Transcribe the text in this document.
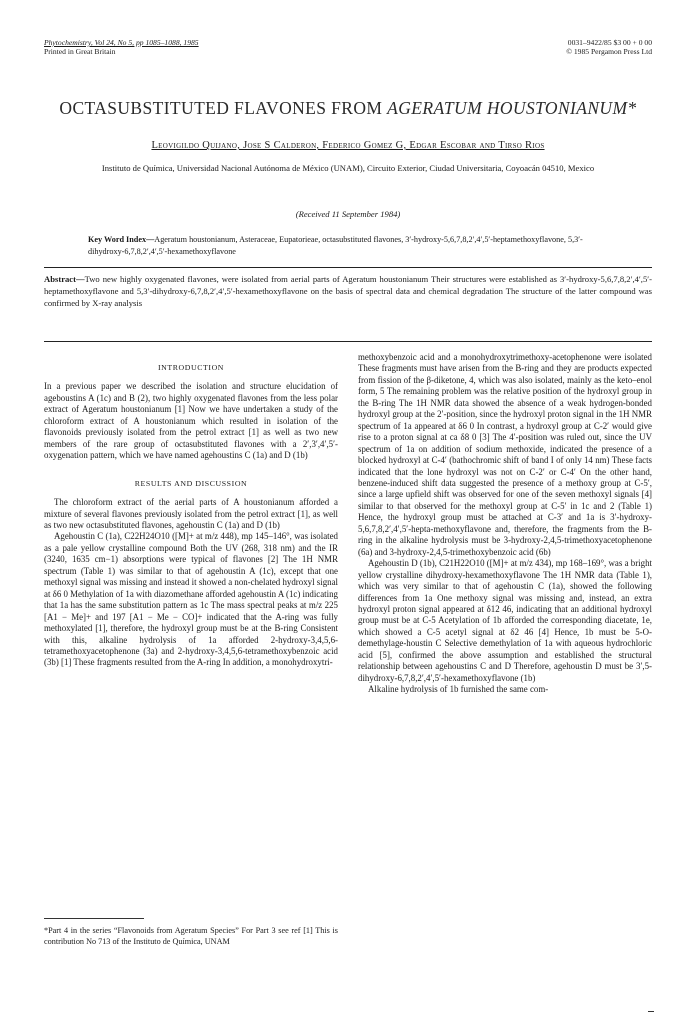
Phytochemistry, Vol 24, No 5, pp 1085–1088, 1985
Printed in Great Britain
0031–9422/85 $3 00 + 0 00
© 1985 Pergamon Press Ltd
OCTASUBSTITUTED FLAVONES FROM AGERATUM HOUSTONIANUM*
Leovigildo Quijano, Jose S Calderon, Federico Gomez G, Edgar Escobar and Tirso Rios
Instituto de Química, Universidad Nacional Autónoma de México (UNAM), Circuito Exterior, Ciudad Universitaria, Coyoacán 04510, Mexico
(Received 11 September 1984)
Key Word Index—Ageratum houstonianum, Asteraceae, Eupatorieae, octasubstituted flavones, 3′-hydroxy-5,6,7,8,2′,4′,5′-heptamethoxyflavone, 5,3′-dihydroxy-6,7,8,2′,4′,5′-hexamethoxyflavone
Abstract—Two new highly oxygenated flavones, were isolated from aerial parts of Ageratum houstonianum Their structures were established as 3′-hydroxy-5,6,7,8,2′,4′,5′-heptamethoxyflavone and 5,3′-dihydroxy-6,7,8,2′,4′,5′-hexamethoxyflavone on the basis of spectral data and chemical degradation The structure of the latter compound was confirmed by X-ray analysis
INTRODUCTION

In a previous paper we described the isolation and structure elucidation of ageboustins A (1c) and B (2), two highly oxygenated flavones from the less polar extract of Ageratum houstonianum [1] Now we have undertaken a study of the chloroform extract of A houstonianum which resulted in isolation of the flavonoids previously isolated from the petrol extract [1] as well as two new members of the rare group of octasubstituted flavones with a 2′,3′,4′,5′-oxygenation pattern, which we have named agehoustins C (1a) and D (1b)

RESULTS AND DISCUSSION

The chloroform extract of the aerial parts of A houstonianum afforded a mixture of several flavones previously isolated from the petrol extract [1], as well as two new octasubstituted flavones, agehoustin C (1a) and D (1b)

Agehoustin C (1a), C22H24O10 ([M]+ at m/z 448), mp 145–146°, was isolated as a pale yellow crystalline compound Both the UV (268, 318 nm) and the IR (3240, 1635 cm−1) absorptions were typical of flavones [2] The 1H NMR spectrum (Table 1) was similar to that of agehoustin A (1c), except that one methoxyl signal was missing and instead it showed a non-chelated hydroxyl signal at δ6 0 Methylation of 1a with diazomethane afforded agehoustin A (1c) indicating that 1a has the same substitution pattern as 1c The mass spectral peaks at m/z 225 [A1 − Me]+ and 197 [A1 − Me − CO]+ indicated that the A-ring was fully methoxylated [1], therefore, the hydroxyl group must be at the B-ring Consistent with this, alkaline hydrolysis of 1a afforded 2-hydroxy-3,4,5,6-tetramethoxyacetophenone (3a) and 2-hydroxy-3,4,5,6-tetramethoxybenzoic acid (3b) [1] These fragments resulted from the A-ring In addition, a monohydroxytri-

methoxybenzoic acid and a monohydroxytrimethoxy-acetophenone were isolated These fragments must have arisen from the B-ring and they are products expected from fission of the β-diketone, 4, which was also isolated, mainly as the keto–enol form, 5 The remaining problem was the relative position of the hydroxyl group in the B-ring The 1H NMR data showed the absence of a weak hydrogen-bonded hydroxyl group at the 2′-position, since the hydroxyl proton signal in the 1H NMR spectrum of 1a appeared at δ6 0 In contrast, a hydroxyl group at C-2′ would give rise to a proton signal at ca δ8 0 [3] The 4′-position was ruled out, since the UV spectrum of 1a on addition of sodium methoxide, indicated the presence of a blocked hydroxyl at C-4′ (bathochromic shift of band I of only 14 nm) These facts indicated that the lone hydroxyl was not on C-2′ or C-4′ On the other hand, benzene-induced shift data suggested the presence of a methoxy group at C-5′, since a large upfield shift was observed for one of the seven methoxyl signals [4] similar to that observed for the methoxyl group at C-5′ in 1c and 2 (Table 1) Hence, the hydroxyl group must be attached at C-3′ and 1a is 3′-hydroxy-5,6,7,8,2′,4′,5′-hepta-methoxyflavone and, therefore, the fragments from the B-ring in the alkaline hydrolysis must be 3-hydroxy-2,4,5-trimethoxyacetophenone (6a) and 3-hydroxy-2,4,5-trimethoxybenzoic acid (6b)

Agehoustin D (1b), C21H22O10 ([M]+ at m/z 434), mp 168–169°, was a bright yellow crystalline dihydroxy-hexamethoxyflavone The 1H NMR data (Table 1), which was very similar to that of agehoustin C (1a), showed the following differences from 1a One methoxy signal was missing and, instead, an extra hydroxyl proton signal appeared at δ12 46, indicating that an additional hydroxyl group must be at C-5 Acetylation of 1b afforded the corresponding diacetate, 1e, which showed a C-5 acetyl signal at δ2 46 [4] Hence, 1b must be 5-O-demethylage-houstin C Selective demethylation of 1a with aqueous hydrochloric acid [5], confirmed the above assumption and established the structural relationship between agehoustins C and D Therefore, agehoustin D must be 3′,5-dihydroxy-6,7,8,2′,4′,5′-hexamethoxyflavone (1b)

Alkaline hydrolysis of 1b furnished the same com-

*Part 4 in the series “Flavonoids from Ageratum Species” For Part 3 see ref [1] This is contribution No 713 of the Instituto de Química, UNAM
